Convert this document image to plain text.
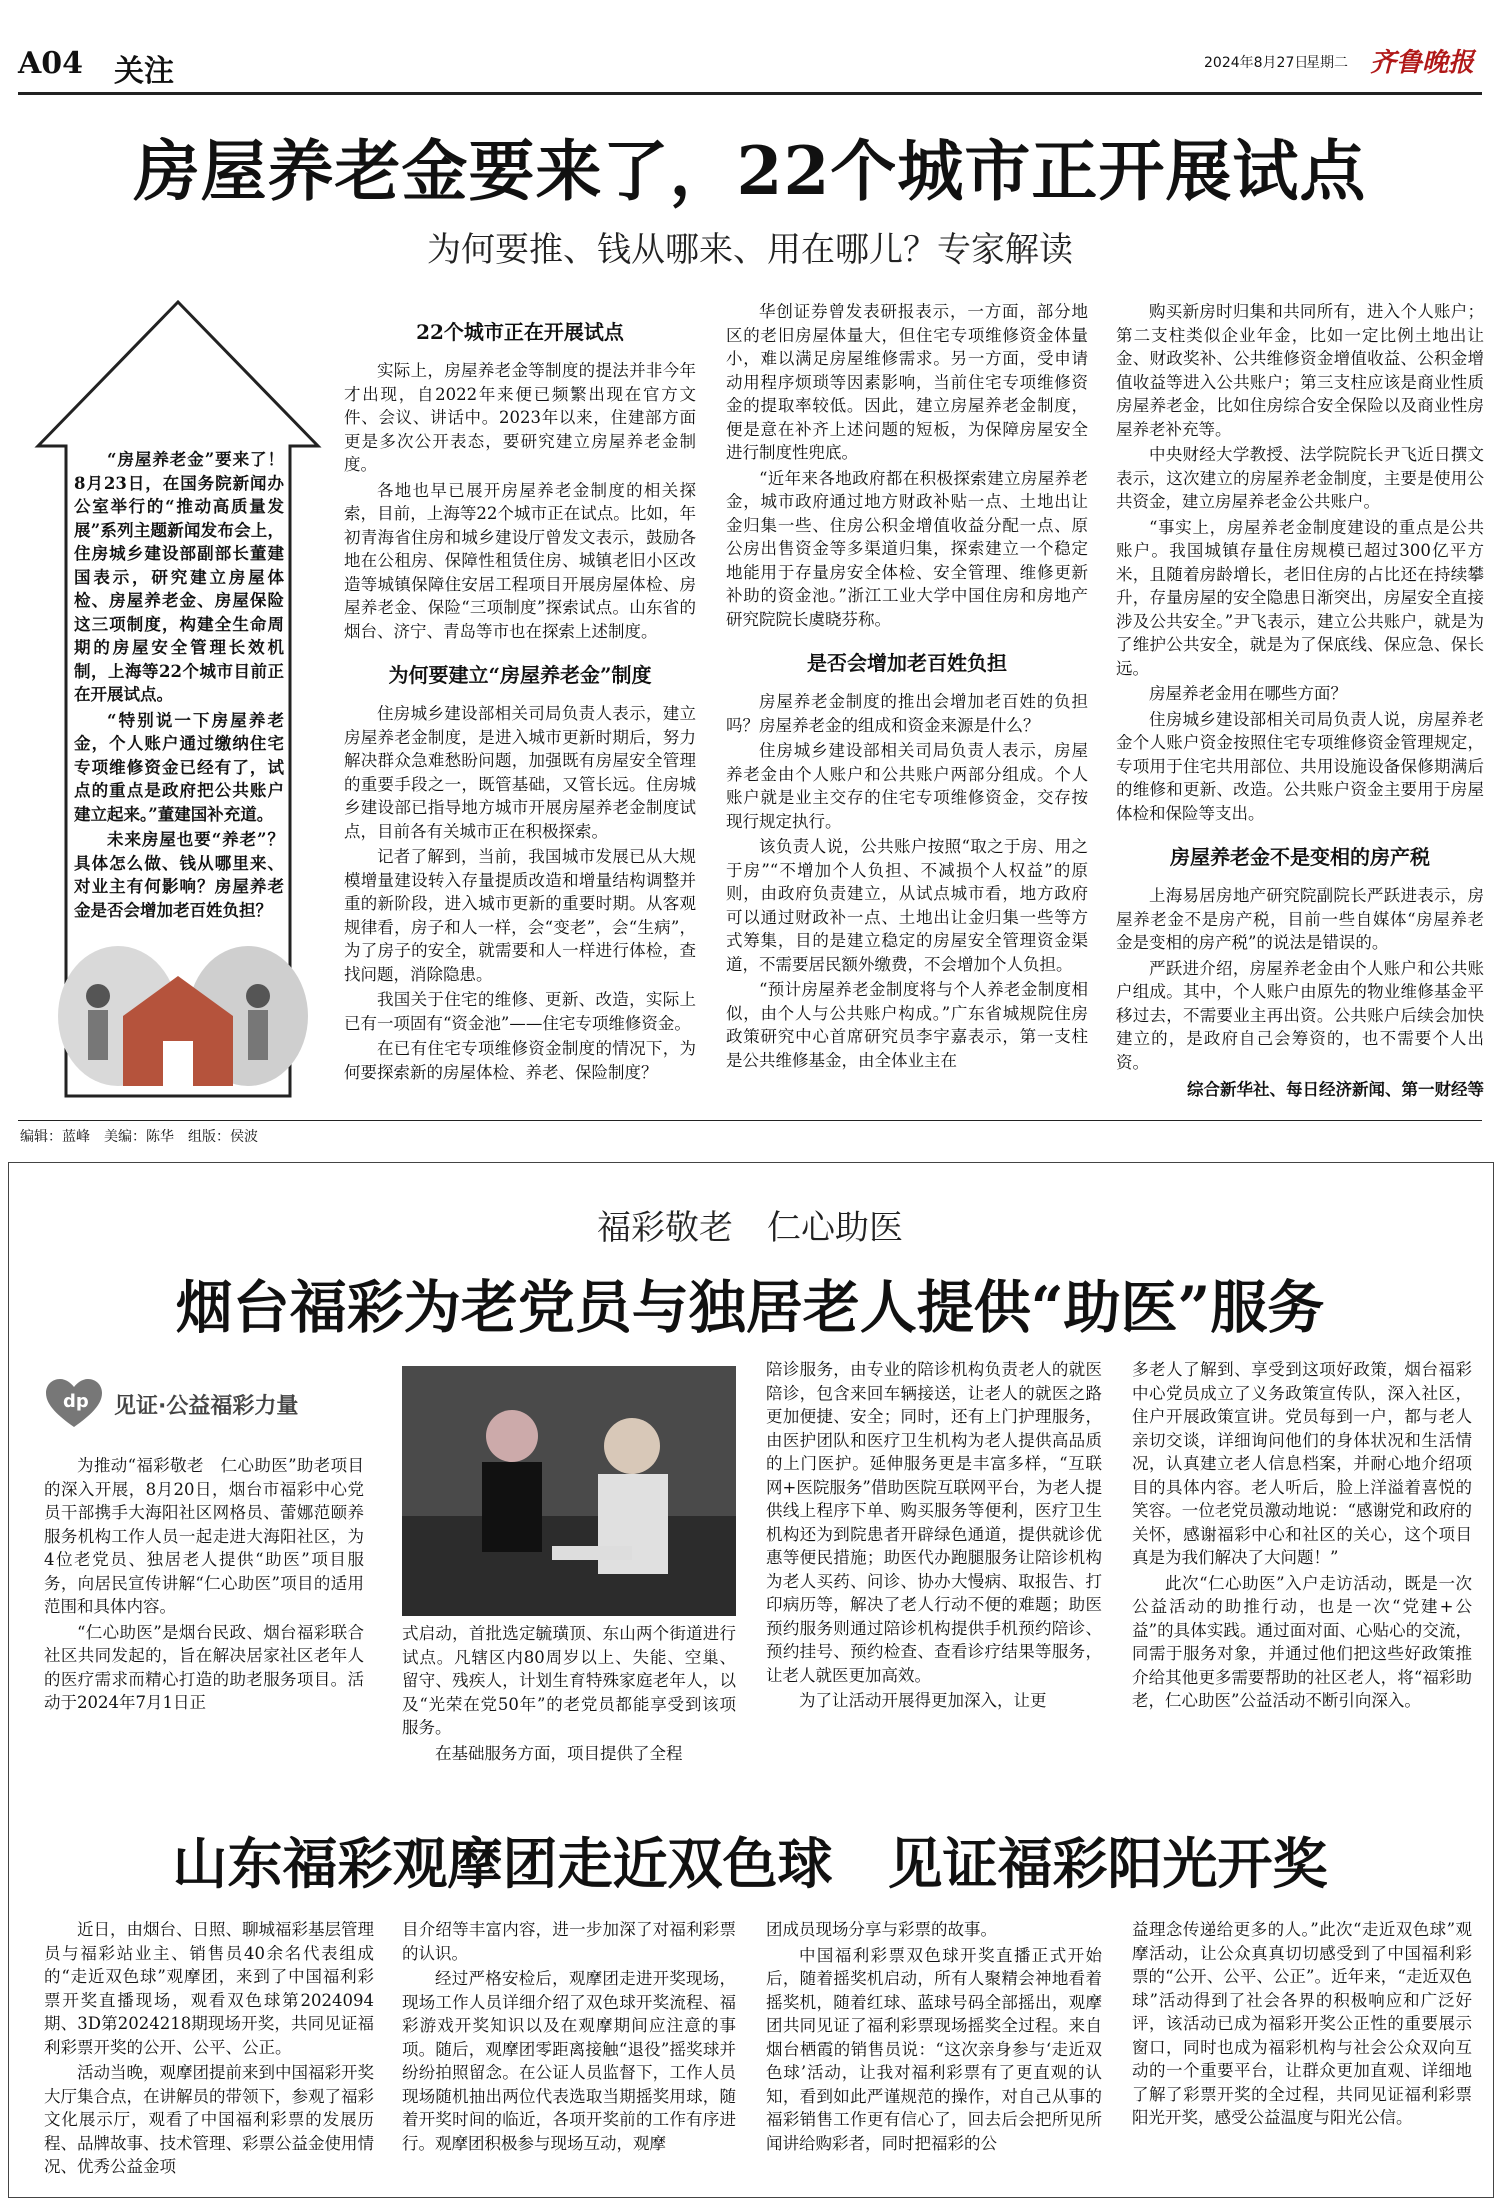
A04 关注	2024年8月27日
星期二 齐鲁晚报
房屋养老金要来了，22个城市正开展试点
为何要推、钱从哪来、用在哪儿？专家解读

“房屋养老金”要来了！8月23日，在国务院新闻办公室举行的“推动高质量发展”系列主题新闻发布会上，住房城乡建设部副部长董建国表示，研究建立房屋体检、房屋养老金、房屋保险这三项制度，构建全生命周期的房屋安全管理长效机制，上海等22个城市目前正在开展试点。

“特别说一下房屋养老金，个人账户通过缴纳住宅专项维修资金已经有了，试点的重点是政府把公共账户建立起来。”董建国补充道。

未来房屋也要“养老”？具体怎么做、钱从哪里来、对业主有何影响？房屋养老金是否会增加老百姓负担？

22个城市正在开展试点

实际上，房屋养老金等制度的提法并非今年才出现，自2022年来便已频繁出现在官方文件、会议、讲话中。2023年以来，住建部方面更是多次公开表态，要研究建立房屋养老金制度。

各地也早已展开房屋养老金制度的相关探索，目前，上海等22个城市正在试点。比如，年初青海省住房和城乡建设厅曾发文表示，鼓励各地在公租房、保障性租赁住房、城镇老旧小区改造等城镇保障住安居工程项目开展房屋体检、房屋养老金、保险“三项制度”探索试点。山东省的烟台、济宁、青岛等市也在探索上述制度。

为何要建立“房屋养老金”制度

住房城乡建设部相关司局负责人表示，建立房屋养老金制度，是进入城市更新时期后，努力解决群众急难愁盼问题，加强既有房屋安全管理的重要手段之一，既管基础，又管长远。住房城乡建设部已指导地方城市开展房屋养老金制度试点，目前各有关城市正在积极探索。

记者了解到，当前，我国城市发展已从大规模增量建设转入存量提质改造和增量结构调整并重的新阶段，进入城市更新的重要时期。从客观规律看，房子和人一样，会“变老”，会“生病”，为了房子的安全，就需要和人一样进行体检，查找问题，消除隐患。

我国关于住宅的维修、更新、改造，实际上已有一项固有“资金池”——住宅专项维修资金。

在已有住宅专项维修资金制度的情况下，为何要探索新的房屋体检、养老、保险制度？

华创证券曾发表研报表示，一方面，部分地区的老旧房屋体量大，但住宅专项维修资金体量小，难以满足房屋维修需求。另一方面，受申请动用程序烦琐等因素影响，当前住宅专项维修资金的提取率较低。因此，建立房屋养老金制度，便是意在补齐上述问题的短板，为保障房屋安全进行制度性兜底。

“近年来各地政府都在积极探索建立房屋养老金，城市政府通过地方财政补贴一点、土地出让金归集一些、住房公积金增值收益分配一点、原公房出售资金等多渠道归集，探索建立一个稳定地能用于存量房安全体检、安全管理、维修更新补助的资金池。”浙江工业大学中国住房和房地产研究院院长虞晓芬称。

是否会增加老百姓负担

房屋养老金制度的推出会增加老百姓的负担吗？房屋养老金的组成和资金来源是什么？

住房城乡建设部相关司局负责人表示，房屋养老金由个人账户和公共账户两部分组成。个人账户就是业主交存的住宅专项维修资金，交存按现行规定执行。

该负责人说，公共账户按照“取之于房、用之于房”“不增加个人负担、不减损个人权益”的原则，由政府负责建立，从试点城市看，地方政府可以通过财政补一点、土地出让金归集一些等方式筹集，目的是建立稳定的房屋安全管理资金渠道，不需要居民额外缴费，不会增加个人负担。

“预计房屋养老金制度将与个人养老金制度相似，由个人与公共账户构成。”广东省城规院住房政策研究中心首席研究员李宇嘉表示，第一支柱是公共维修基金，由全体业主在

购买新房时归集和共同所有，进入个人账户；第二支柱类似企业年金，比如一定比例土地出让金、财政奖补、公共维修资金增值收益、公积金增值收益等进入公共账户；第三支柱应该是商业性质房屋养老金，比如住房综合安全保险以及商业性房屋养老补充等。

中央财经大学教授、法学院院长尹飞近日撰文表示，这次建立的房屋养老金制度，主要是使用公共资金，建立房屋养老金公共账户。

“事实上，房屋养老金制度建设的重点是公共账户。我国城镇存量住房规模已超过300亿平方米，且随着房龄增长，老旧住房的占比还在持续攀升，存量房屋的安全隐患日渐突出，房屋安全直接涉及公共安全。”尹飞表示，建立公共账户，就是为了维护公共安全，就是为了保底线、保应急、保长远。

房屋养老金用在哪些方面？

住房城乡建设部相关司局负责人说，房屋养老金个人账户资金按照住宅专项维修资金管理规定，专项用于住宅共用部位、共用设施设备保修期满后的维修和更新、改造。公共账户资金主要用于房屋体检和保险等支出。

房屋养老金不是变相的房产税

上海易居房地产研究院副院长严跃进表示，房屋养老金不是房产税，目前一些自媒体“房屋养老金是变相的房产税”的说法是错误的。

严跃进介绍，房屋养老金由个人账户和公共账户组成。其中，个人账户由原先的物业维修基金平移过去，不需要业主再出资。公共账户后续会加快建立的，是政府自己会筹资的，也不需要个人出资。

综合新华社、每日经济新闻、第一财经等

编辑：蓝峰　美编：陈华　组版：侯波
福彩敬老　仁心助医
烟台福彩为老党员与独居老人提供“助医”服务
dp 见证·公益福彩力量

为推动“福彩敬老　仁心助医”助老项目的深入开展，8月20日，烟台市福彩中心党员干部携手大海阳社区网格员、蕾娜范颐养服务机构工作人员一起走进大海阳社区，为4位老党员、独居老人提供“助医”项目服务，向居民宣传讲解“仁心助医”项目的适用范围和具体内容。

“仁心助医”是烟台民政、烟台福彩联合社区共同发起的，旨在解决居家社区老年人的医疗需求而精心打造的助老服务项目。活动于2024年7月1日正

式启动，首批选定毓璜顶、东山两个街道进行试点。凡辖区内80周岁以上、失能、空巢、留守、残疾人，计划生育特殊家庭老年人，以及“光荣在党50年”的老党员都能享受到该项服务。

在基础服务方面，项目提供了全程

陪诊服务，由专业的陪诊机构负责老人的就医陪诊，包含来回车辆接送，让老人的就医之路更加便捷、安全；同时，还有上门护理服务，由医护团队和医疗卫生机构为老人提供高品质的上门医护。延伸服务更是丰富多样，“互联网+医院服务”借助医院互联网平台，为老人提供线上程序下单、购买服务等便利，医疗卫生机构还为到院患者开辟绿色通道，提供就诊优惠等便民措施；助医代办跑腿服务让陪诊机构为老人买药、问诊、协办大慢病、取报告、打印病历等，解决了老人行动不便的难题；助医预约服务则通过陪诊机构提供手机预约陪诊、预约挂号、预约检查、查看诊疗结果等服务，让老人就医更加高效。

为了让活动开展得更加深入，让更

多老人了解到、享受到这项好政策，烟台福彩中心党员成立了义务政策宣传队，深入社区，住户开展政策宣讲。党员每到一户，都与老人亲切交谈，详细询问他们的身体状况和生活情况，认真建立老人信息档案，并耐心地介绍项目的具体内容。老人听后，脸上洋溢着喜悦的笑容。一位老党员激动地说：“感谢党和政府的关怀，感谢福彩中心和社区的关心，这个项目真是为我们解决了大问题！”

此次“仁心助医”入户走访活动，既是一次公益活动的助推行动，也是一次“党建+公益”的具体实践。通过面对面、心贴心的交流，同需于服务对象，并通过他们把这些好政策推介给其他更多需要帮助的社区老人，将“福彩助老，仁心助医”公益活动不断引向深入。

山东福彩观摩团走近双色球　见证福彩阳光开奖

近日，由烟台、日照、聊城福彩基层管理员与福彩站业主、销售员40余名代表组成的“走近双色球”观摩团，来到了中国福利彩票开奖直播现场，观看双色球第2024094期、3D第2024218期现场开奖，共同见证福利彩票开奖的公开、公平、公正。

活动当晚，观摩团提前来到中国福彩开奖大厅集合点，在讲解员的带领下，参观了福彩文化展示厅，观看了中国福利彩票的发展历程、品牌故事、技术管理、彩票公益金使用情况、优秀公益金项

目介绍等丰富内容，进一步加深了对福利彩票的认识。

经过严格安检后，观摩团走进开奖现场，现场工作人员详细介绍了双色球开奖流程、福彩游戏开奖知识以及在观摩期间应注意的事项。随后，观摩团零距离接触“退役”摇奖球并纷纷拍照留念。在公证人员监督下，工作人员现场随机抽出两位代表选取当期摇奖用球，随着开奖时间的临近，各项开奖前的工作有序进行。观摩团积极参与现场互动，观摩

团成员现场分享与彩票的故事。

中国福利彩票双色球开奖直播正式开始后，随着摇奖机启动，所有人聚精会神地看着摇奖机，随着红球、蓝球号码全部摇出，观摩团共同见证了福利彩票现场摇奖全过程。来自烟台栖霞的销售员说：“这次亲身参与‘走近双色球’活动，让我对福利彩票有了更直观的认知，看到如此严谨规范的操作，对自己从事的福彩销售工作更有信心了，回去后会把所见所闻讲给购彩者，同时把福彩的公

益理念传递给更多的人。”此次“走近双色球”观摩活动，让公众真真切切感受到了中国福利彩票的“公开、公平、公正”。近年来，“走近双色球”活动得到了社会各界的积极响应和广泛好评，该活动已成为福彩开奖公正性的重要展示窗口，同时也成为福彩机构与社会公众双向互动的一个重要平台，让群众更加直观、详细地了解了彩票开奖的全过程，共同见证福利彩票阳光开奖，感受公益温度与阳光公信。
